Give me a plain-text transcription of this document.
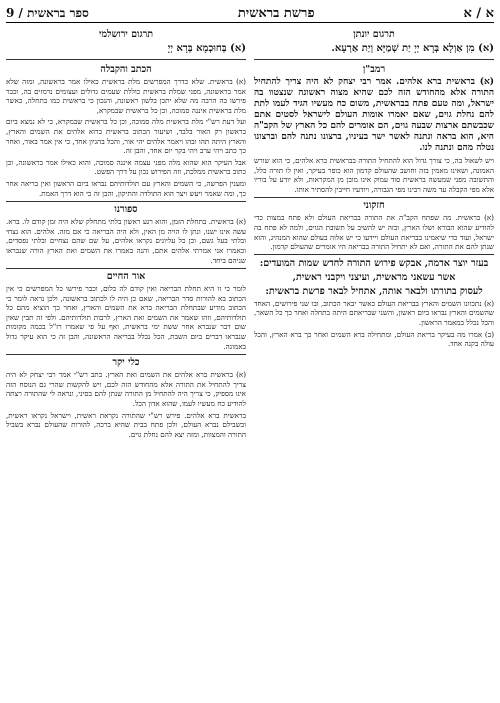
א / א
פרשת בראשית
ספר בראשית / 9
תרגום יונתן
(א) מִן אַוְלָא בְּרָא יְיָ יַת שְׁמַיָּא וְיַת אַרְעָא.
תרגום ירושלמי
(א) בְּחוּכְמָא בְּרָא יְיָ
רמב"ן

(א) בראשית ברא אלהים. אמר רבי יצחק לא היה צריך להתחיל התורה אלא מהחודש הזה לכם שהיא מצוה ראשונה שנצטוו בה ישראל, ומה טעם פתח בבראשית, משום כח מעשיו הגיד לעמו לתת להם נחלת גוים, שאם יאמרו אומות העולם לישראל לסטים אתם שכבשתם ארצות שבעה גוים, הם אומרים להם כל הארץ של הקב"ה היא, הוא בראה ונתנה לאשר ישר בעיניו, ברצונו נתנה להם וברצונו נטלה מהם ונתנה לנו.

ויש לשאול בה, כי צורך גדול הוא להתחיל התורה בבראשית ברא אלהים, כי הוא שורש האמונה, ושאינו מאמין בזה וחושב שהעולם קדמון הוא כופר בעיקר, ואין לו תורה כלל, והתשובה מפני שמעשה בראשית סוד עמוק אינו מובן מן המקראות, ולא יודע על בוריו אלא מפי הקבלה עד משה רבינו מפי הגבורה, ויודעיו חייבין להסתיר אותו.

חזקוני

(א) בראשית. מה שפתח הקב"ה את התורה בבריאת העולם ולא פתח במצות כדי להודיע שהוא הבורא ושלו הארץ, ובזה יש להשיב על תשובת הגוים, ולמה לא פתח בה ישראל, ועוד כדי שיאמינו בבריאת העולם ויידעו כי יש אלוה בעולם שהוא המנהיג, והוא שנתן להם את התורה, ואם לא יתחיל התורה בבריאה היו אומרים שהעולם קדמון.

בעזר יוצר אדמה, אבקש פירוש התורה לחדש שמות המועדים:
אשר עשאני מראשית, ועיצני ויקבני ראשית,
לעסוק בתורתו ולבאר אותה, אתחיל לבאר פרשת בראשית:

(א) נתכוונו השמים והארץ בבריאת העולם כאשר יבאר הכתוב, ובו שני פירושים, האחד שהשמים והארץ נבראו ביום ראשון, והשני שבריאתם היתה בתחלה ואחר כך כל השאר, והכל נכלל במאמר הראשון.

(ב) אמרו מה בעיקר בריאת העולם, ומתחילה ברא השמים ואחר כך ברא הארץ, והכל עולה בקנה אחד.

הכתב והקבלה

(א) בראשית. שלא כדרך המפרשים מלת בראשית כאילו אמר בראשונה, ומזה שלא אמר בראשונה, מפני שמלת בראשית כוללת שעמים גדולים ועצומים נרמזים בה, וכבר פירשו בה הרבה מה שלא יתכן בלשון ראשונה, והנכון כי בראשית כמו בתחלה, כאשר מלת בראשית איננה סמוכה, וכן כל בראשית שבמקרא,

ועל דעת רש"י מלת בראשית מלה סמוכה, וכן כל בראשית שבמקרא, כי לא נמצא ביום בראשון רק האור בלבד, ושיעור הכתוב בראשית ברוא אלהים את השמים והארץ, והארץ היתה תהו ובהו ויאמר אלהים יהי אור, והכל בהגיון אחד, כי אין אמר באור, ואחר כך כתב ויהי ערב ויהי בקר יום אחד, והבן זה.

אבל העיקר הוא שהוא מלה מפני עצמה איננה סמוכה, והוא כאילו אמר בראשונה, וכן כתוב בראשית ממלכת, וזה הפירוש נכון על דרך הפשט.

ומענין הפרשה, כי השמים והארץ עם תולדותיהם נבראו ביום הראשון ואין בריאה אחר כך, ומה שאמר ויעש ויצר הוא התולדה והתיקון, והבן זה כי הוא דרך האמת.

ספורנו

(א) בראשית. בתחלת הזמן, והוא רגע ראשון בלתי מתחלק שלא היה זמן קודם לו. ברא. עשה אינו ישנו, ונתן לו הויה מן האין, ולא היה הבריאה כי אם מזה. אלהים. הוא נצחי ובלתי בעל גשם, וכן כל עליונים נקראו אלהים, על שם שהם נצחיים ובלתי נפסדים, וכאמרו אני אמרתי אלהים אתם, והנה באמרו את השמים ואת הארץ הורה שנבראו שניהם ביחד.

אור החיים

לומר כי זו היא תחלת הבריאה ואין קודם לה כלום, וכבר פירשו כל המפרשים כי אין הכתוב בא להורות סדר הבריאה, שאם כן היה לו לכתוב בראשונה, ולכן נראה לומר כי הכתוב מודיע שבתחלת הבריאה ברא את השמים והארץ, ואחר כך הוציא מהם כל תולדותיהם, וזהו שאמר את השמים ואת הארץ, לרבות תולדותיהם. ולפי זה תבין שאין שום דבר שנברא אחר ששת ימי בראשית, ואף על פי שאמרו רז"ל בכמה מקומות שנבראו דברים ביום השבת, הכל נכלל בבריאה הראשונה, והבן זה כי הוא עיקר גדול באמונה.

כלי יקר

(א) בראשית ברא אלהים את השמים ואת הארץ. כתב רש"י אמר רבי יצחק לא היה צריך להתחיל את התורה אלא מהחודש הזה לכם, ויש להקשות שהרי גם הנוסח הזה אינו מספיק, כי צריך היה להתחיל מן התורה שנתן להם בסיני, ונראה לי שהתורה רצתה להודיע כח מעשיו לעמו, שהוא אדון הכל.

בראשית ברא אלהים. פירש רש"י שהתורה נקראת ראשית, וישראל נקראו ראשית, ובשבילם נברא העולם, ולכן פתח בבית שהיא ברכה, להורות שהעולם נברא בשביל התורה והמצוות, ומזה יצא להם נחלת גוים.
